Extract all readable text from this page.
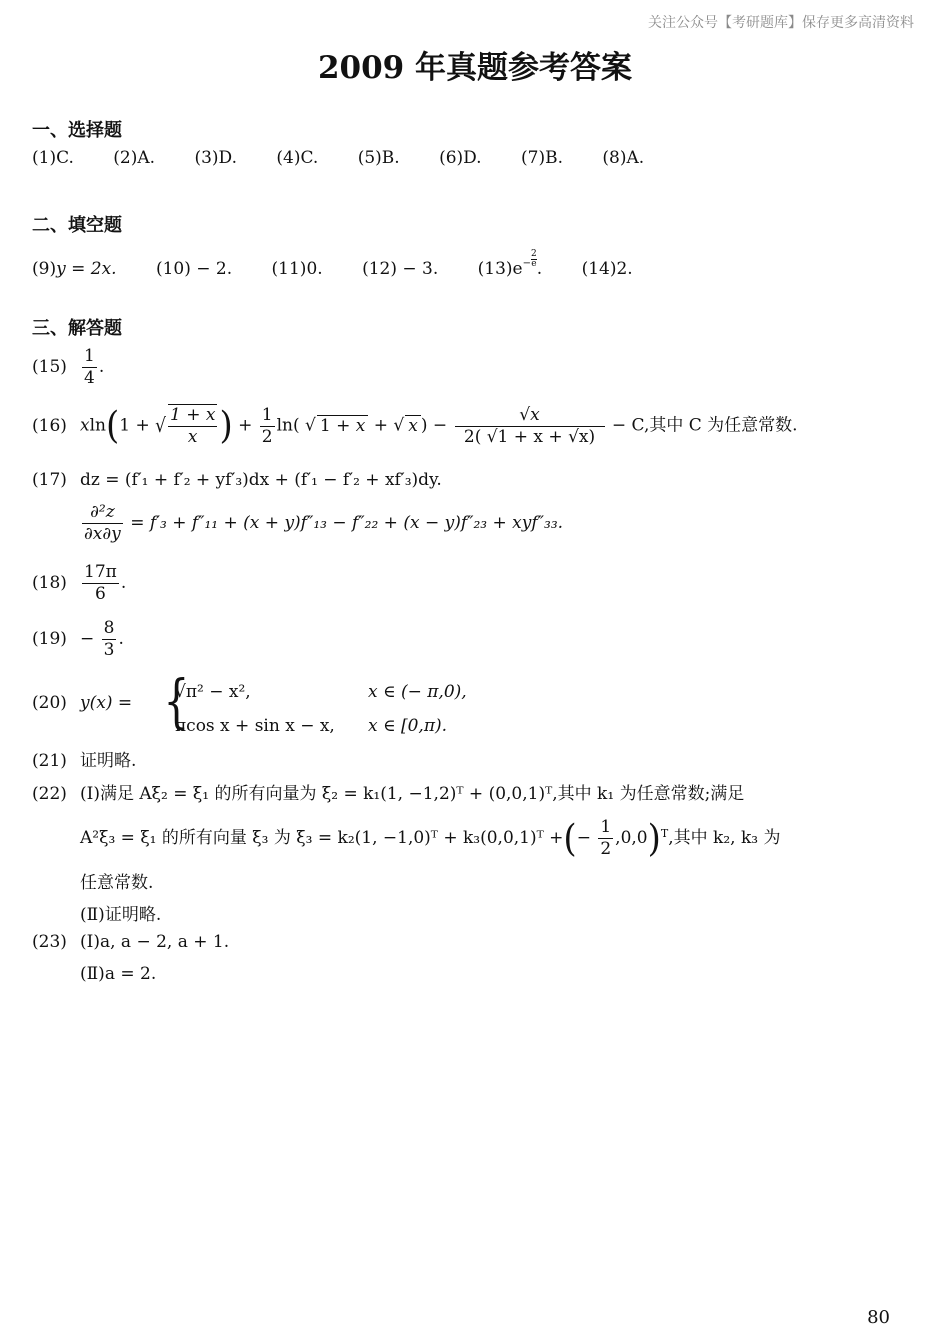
关注公众号【考研题库】保存更多高清资料
2009 年真题参考答案
一、选择题
(1)C. (2)A. (3)D. (4)C. (5)B. (6)D. (7)B. (8)A.
二、填空题
(9)y = 2x. (10) − 2. (11)0. (12) − 3. $(13)e^- \frac{2}{e}$ . (14)2.
三、解答题
$(15) \frac{1}{4}$ .
(16) xln(1 + √ $\frac{1 + x}{x}$ ) + $\frac{1}{2} \ln$( √ 1 + x + √ x ) − $\frac{√x}{2( √1 + x + √x)} - C$,其中 C 为任意常数.
(17) dz = (f′₁ + f′₂ + yf′₃)dx + (f′₁ − f′₂ + xf′₃)dy.
$\frac{\text{∂²z}}{\partial x\partial y} = f'_3 + f''_{11} + (x + y)f''_{13} - f''_{22} + (x - y)f''_{23} + xyf''_{33}$.
$(18) \frac{17\pi}{6}$ .
$(19) - \frac{8}{3}$ .
(20) y(x) = {
√π² − x²,	x ∈ (− π,0),
πcos x + sin x − x, x ∈ [0,π).
(21) 证明略.
(22) (Ⅰ)满足 Aξ₂ = ξ₁ 的所有向量为 ξ₂ = k₁(1, −1,2)ᵀ + (0,0,1)ᵀ,其中 k₁ 为任意常数;满足
A²ξ₃ = ξ₁ 的所有向量 ξ₃ 为 ξ₃ = k₂(1, −1,0)ᵀ + k₃(0,0,1)ᵀ +(− $\frac{1}{2} ,0,0)^T$,其中 k₂, k₃ 为
任意常数.
(Ⅱ)证明略.
(23) (Ⅰ)a, a − 2, a + 1.
(Ⅱ)a = 2.
80
